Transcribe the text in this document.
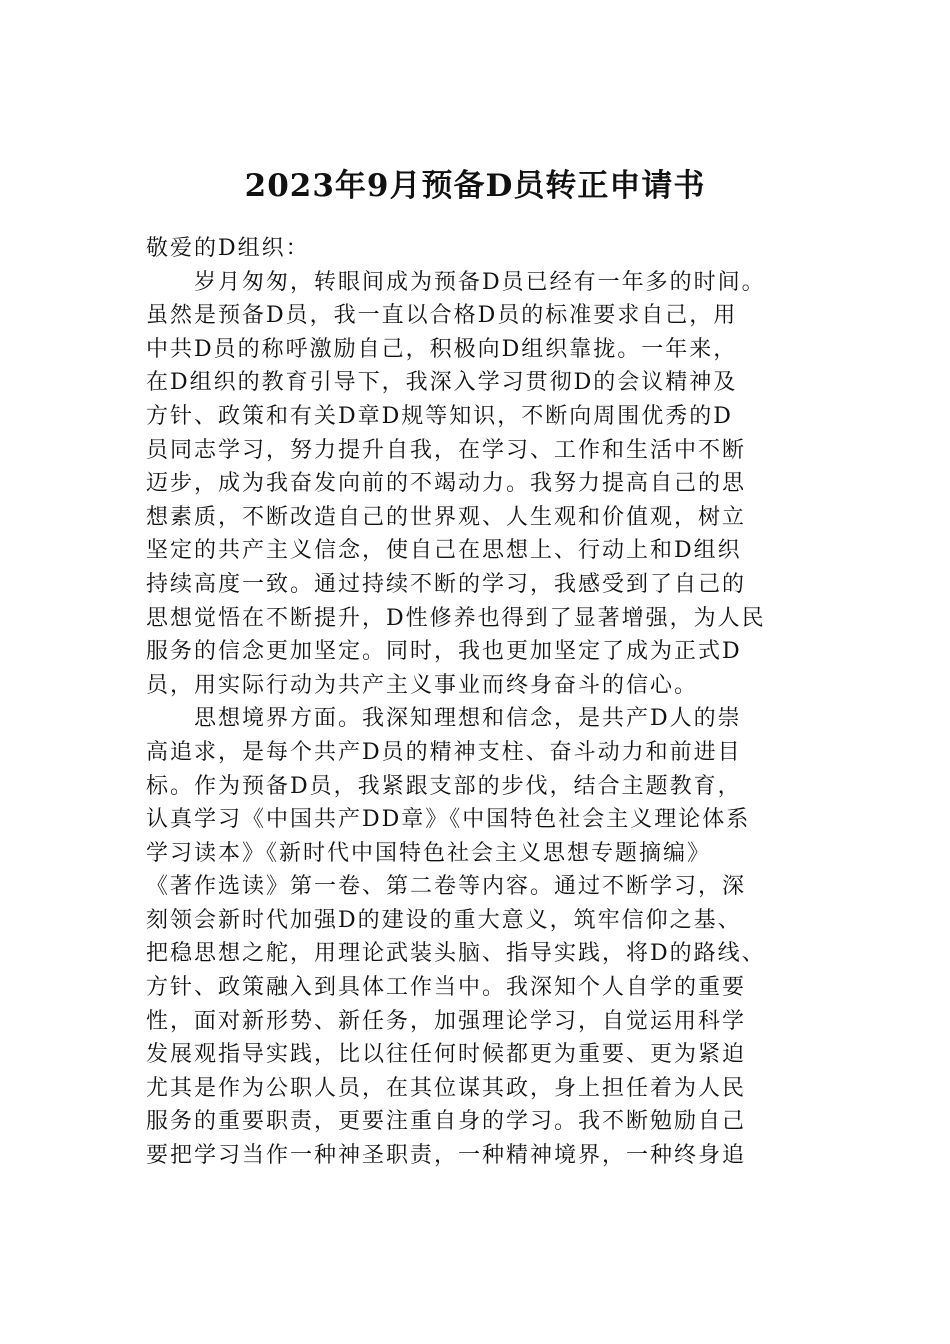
2023年9月预备D员转正申请书
敬爱的D组织：
　　岁月匆匆，转眼间成为预备D员已经有一年多的时间。
虽然是预备D员，我一直以合格D员的标准要求自己，用
中共D员的称呼激励自己，积极向D组织靠拢。一年来，
在D组织的教育引导下，我深入学习贯彻D的会议精神及
方针、政策和有关D章D规等知识，不断向周围优秀的D
员同志学习，努力提升自我，在学习、工作和生活中不断
迈步，成为我奋发向前的不竭动力。我努力提高自己的思
想素质，不断改造自己的世界观、人生观和价值观，树立
坚定的共产主义信念，使自己在思想上、行动上和D组织
持续高度一致。通过持续不断的学习，我感受到了自己的
思想觉悟在不断提升，D性修养也得到了显著增强，为人民
服务的信念更加坚定。同时，我也更加坚定了成为正式D
员，用实际行动为共产主义事业而终身奋斗的信心。
　　思想境界方面。我深知理想和信念，是共产D人的崇
高追求，是每个共产D员的精神支柱、奋斗动力和前进目
标。作为预备D员，我紧跟支部的步伐，结合主题教育，
认真学习《中国共产DD章》《中国特色社会主义理论体系
学习读本》《新时代中国特色社会主义思想专题摘编》
《著作选读》第一卷、第二卷等内容。通过不断学习，深
刻领会新时代加强D的建设的重大意义，筑牢信仰之基、
把稳思想之舵，用理论武装头脑、指导实践，将D的路线、
方针、政策融入到具体工作当中。我深知个人自学的重要
性，面对新形势、新任务，加强理论学习，自觉运用科学
发展观指导实践，比以往任何时候都更为重要、更为紧迫
尤其是作为公职人员，在其位谋其政，身上担任着为人民
服务的重要职责，更要注重自身的学习。我不断勉励自己
要把学习当作一种神圣职责，一种精神境界，一种终身追
